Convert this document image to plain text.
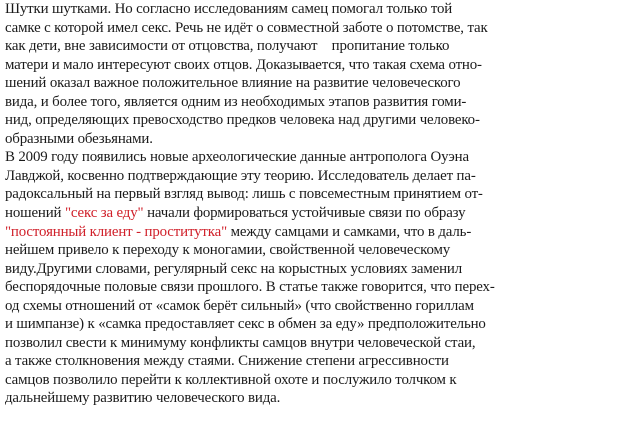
Шутки шутками. Но согласно исследованиям самец помогал только той
самке с которой имел секс. Речь не идёт о совместной заботе о потомстве, так
как дети, вне зависимости от отцовства, получают    пропитание только
матери и мало интересуют своих отцов. Доказывается, что такая схема отно-
шений оказал важное положительное влияние на развитие человеческого
вида, и более того, является одним из необходимых этапов развития гоми-
нид, определяющих превосходство предков человека над другими человеко-
образными обезьянами.
В 2009 году появились новые археологические данные антрополога Оуэна
Лавджой, косвенно подтверждающие эту теорию. Исследователь делает па-
радоксальный на первый взгляд вывод: лишь с повсеместным принятием от-
ношений "секс за еду" начали формироваться устойчивые связи по образу
"постоянный клиент - проститутка" между самцами и самками, что в даль-
нейшем привело к переходу к моногамии, свойственной человеческому
виду.Другими словами, регулярный секс на корыстных условиях заменил
беспорядочные половые связи прошлого. В статье также говорится, что перех-
од схемы отношений от «самок берёт сильный» (что свойственно гориллам
и шимпанзе) к «самка предоставляет секс в обмен за еду» предположительно
позволил свести к минимуму конфликты самцов внутри человеческой стаи,
а также столкновения между стаями. Снижение степени агрессивности
самцов позволило перейти к коллективной охоте и послужило толчком к
дальнейшему развитию человеческого вида.
